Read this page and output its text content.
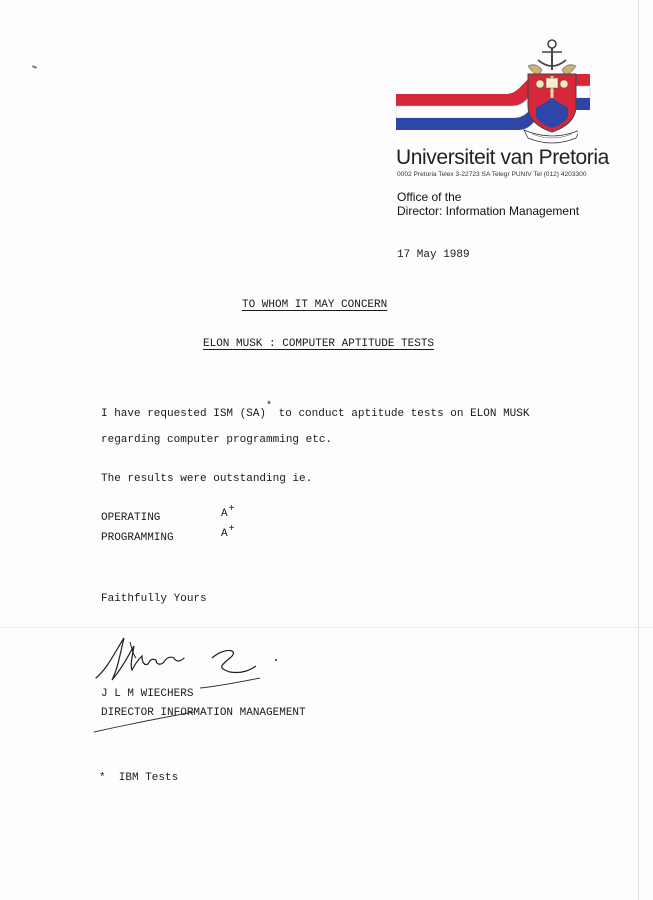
Universiteit van Pretoria
0002 Pretoria Telex 3-22723 SA Telegr PUNIV Tel (012) 4203300
Office of the
Director: Information Management
17 May 1989
TO WHOM IT MAY CONCERN
ELON MUSK : COMPUTER APTITUDE TESTS
I have requested ISM (SA)* to conduct aptitude tests on ELON MUSK
regarding computer programming etc.
The results were outstanding ie.
OPERATING	A+
PROGRAMMING	A+
Faithfully Yours
J L M WIECHERS
DIRECTOR INFORMATION MANAGEMENT
*  IBM Tests
